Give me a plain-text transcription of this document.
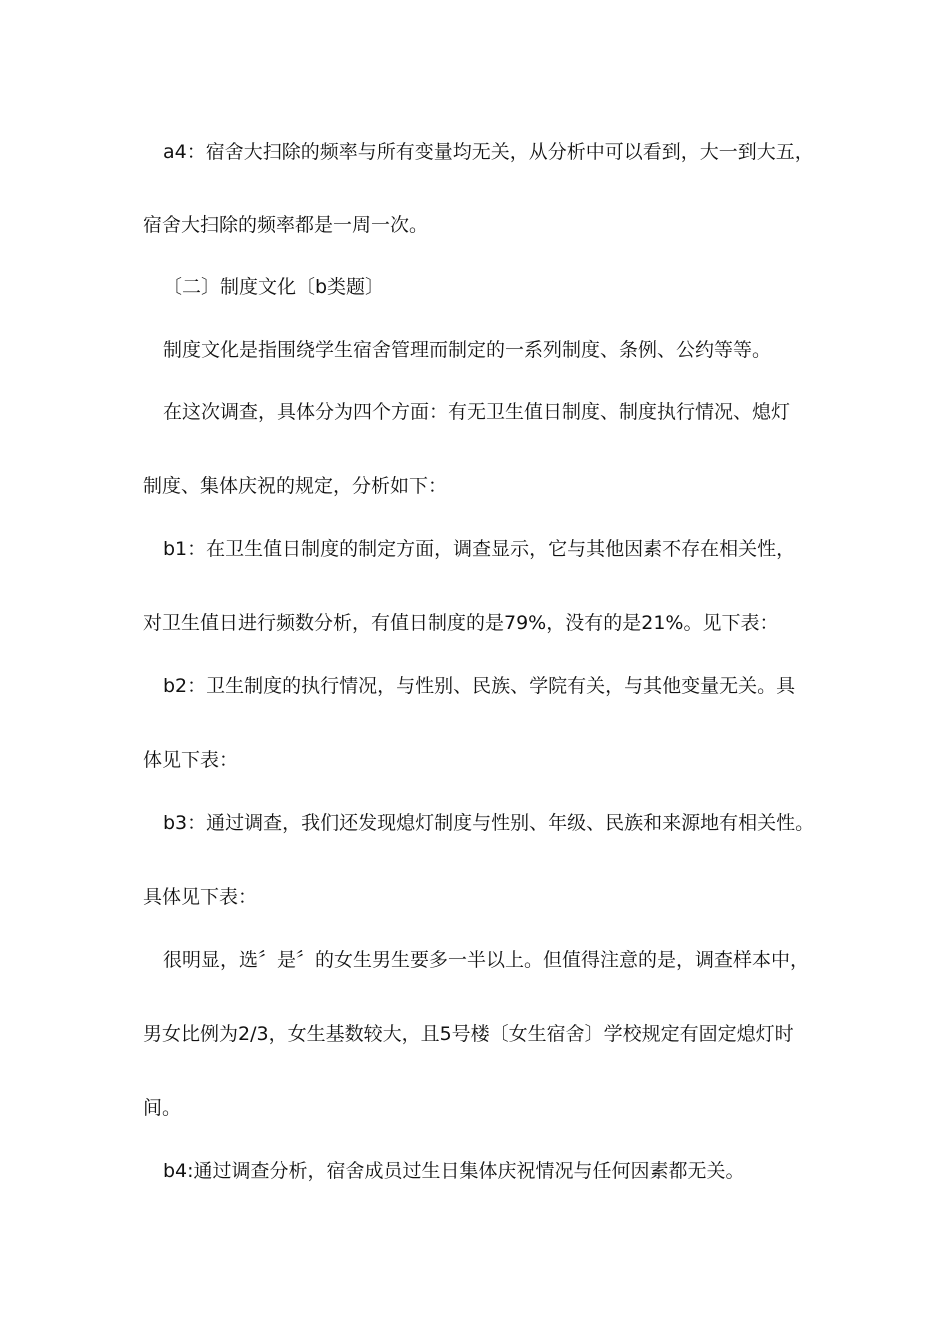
a4：宿舍大扫除的频率与所有变量均无关，从分析中可以看到，大一到大五，
宿舍大扫除的频率都是一周一次。
〔二〕制度文化〔b类题〕
制度文化是指围绕学生宿舍管理而制定的一系列制度、条例、公约等等。
在这次调查，具体分为四个方面：有无卫生值日制度、制度执行情况、熄灯
制度、集体庆祝的规定，分析如下：
b1：在卫生值日制度的制定方面，调查显示，它与其他因素不存在相关性，
对卫生值日进行频数分析，有值日制度的是79%，没有的是21%。见下表：
b2：卫生制度的执行情况，与性别、民族、学院有关，与其他变量无关。具
体见下表：
b3：通过调查，我们还发现熄灯制度与性别、年级、民族和来源地有相关性。
具体见下表：
很明显，选〞是〞的女生男生要多一半以上。但值得注意的是，调查样本中，
男女比例为2/3，女生基数较大，且5号楼〔女生宿舍〕学校规定有固定熄灯时
间。
b4:通过调查分析，宿舍成员过生日集体庆祝情况与任何因素都无关。
